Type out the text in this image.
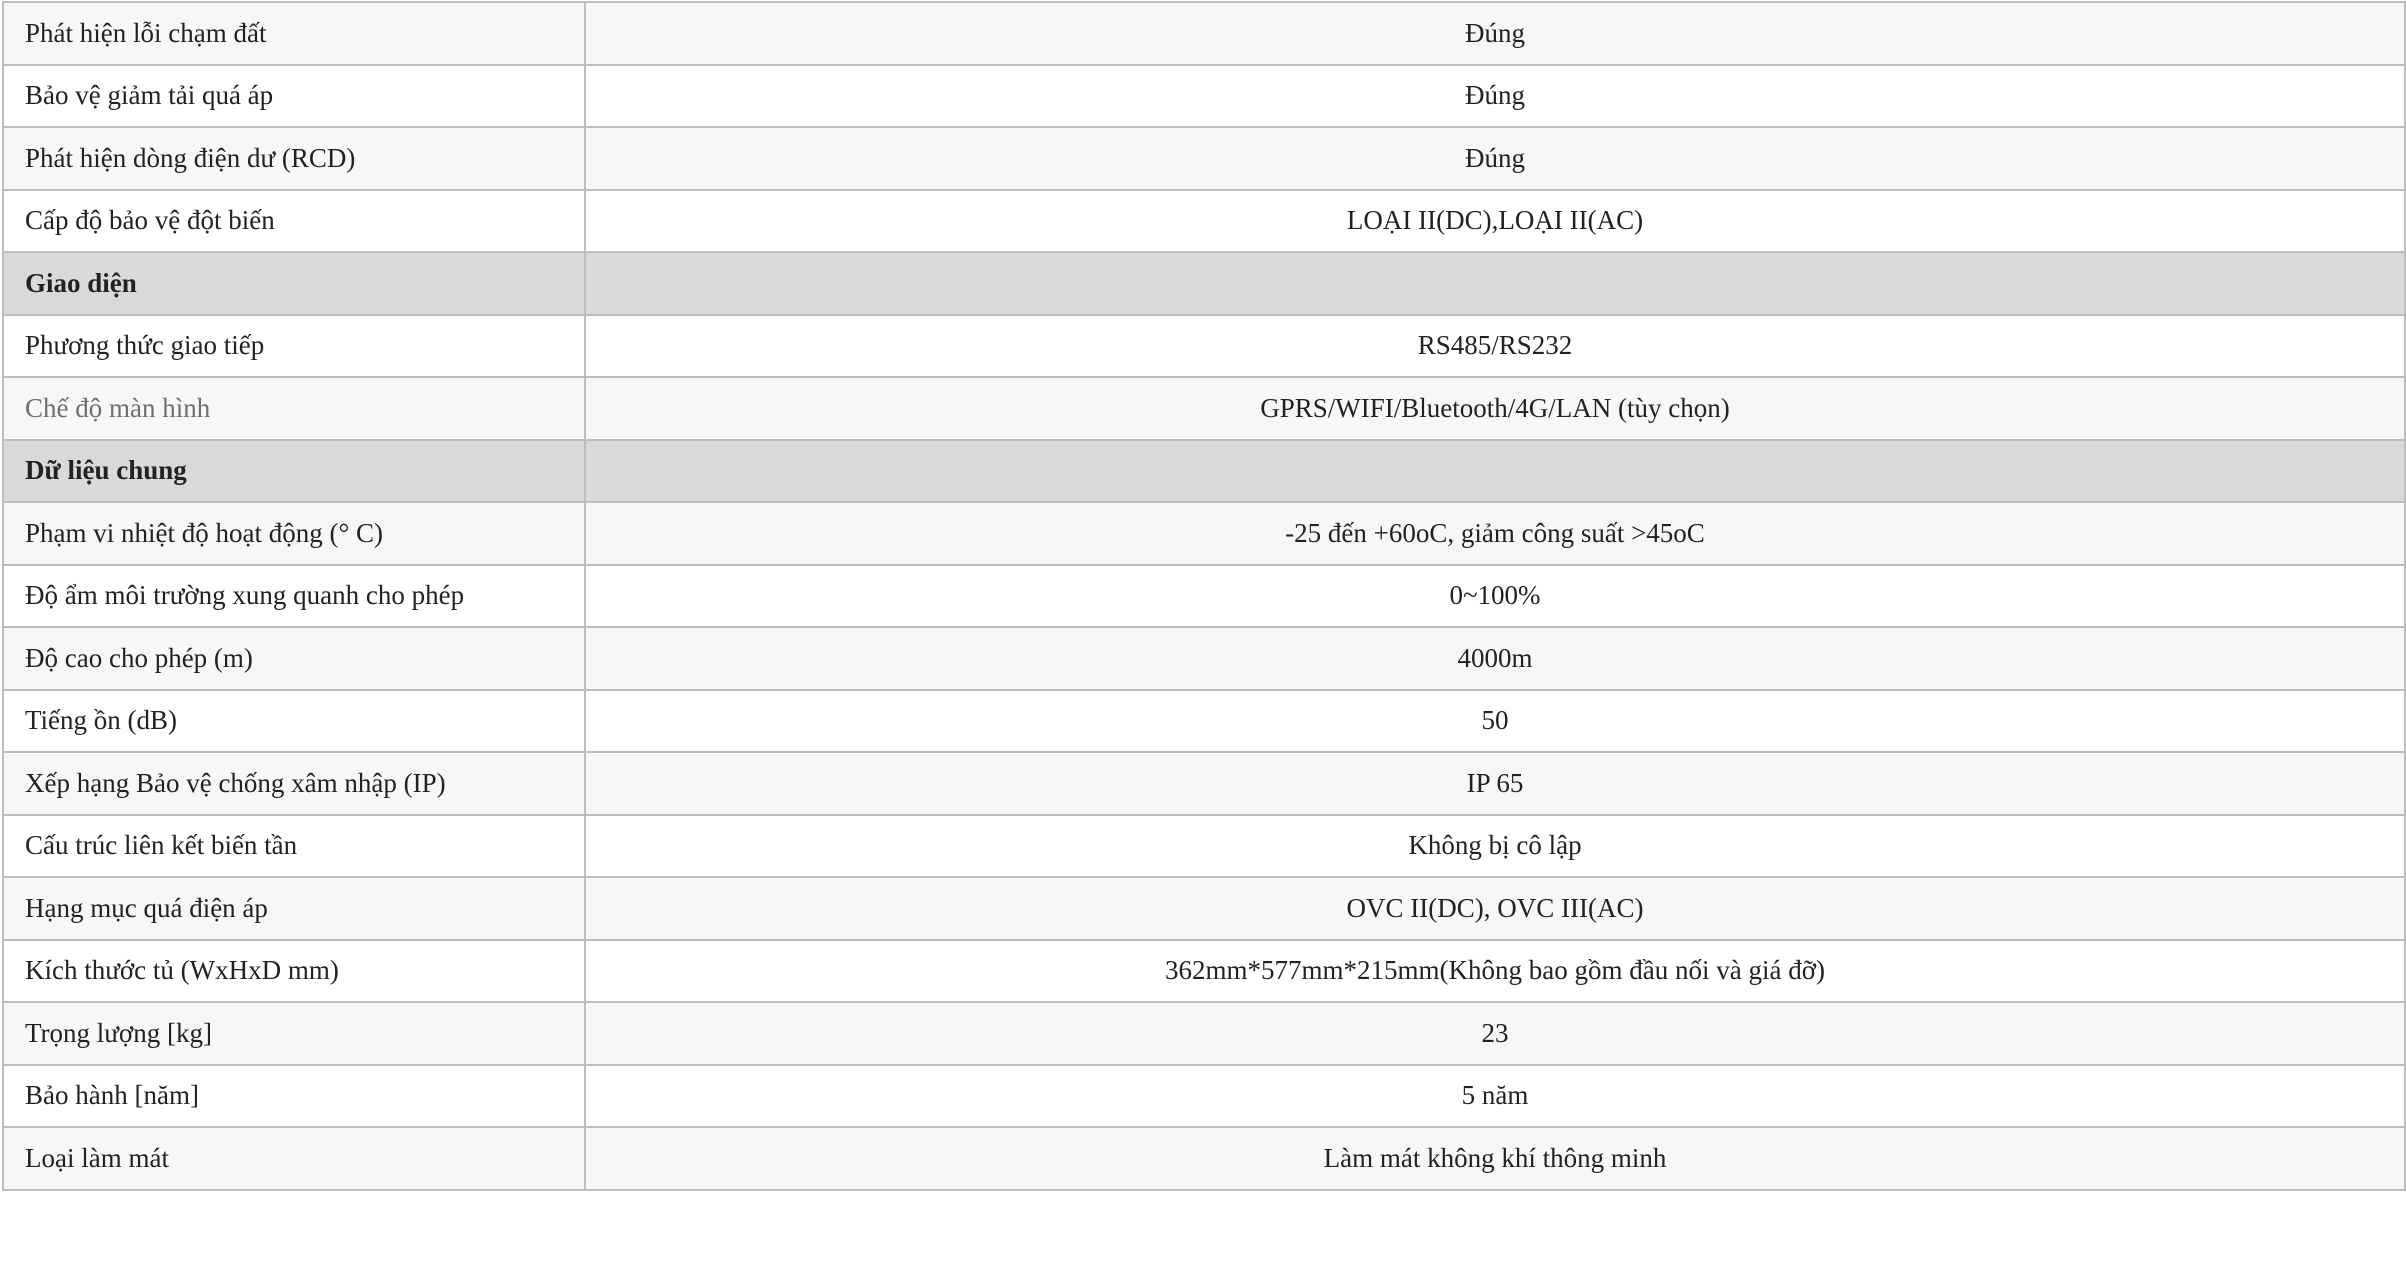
Phát hiện lỗi chạm đất	Đúng
Bảo vệ giảm tải quá áp	Đúng
Phát hiện dòng điện dư (RCD)	Đúng
Cấp độ bảo vệ đột biến	LOẠI II(DC),LOẠI II(AC)
Giao diện	
Phương thức giao tiếp	RS485/RS232
Chế độ màn hình	GPRS/WIFI/Bluetooth/4G/LAN (tùy chọn)
Dữ liệu chung	
Phạm vi nhiệt độ hoạt động (° C)	-25 đến +60oC, giảm công suất >45oC
Độ ẩm môi trường xung quanh cho phép	0~100%
Độ cao cho phép (m)	4000m
Tiếng ồn (dB)	50
Xếp hạng Bảo vệ chống xâm nhập (IP)	IP 65
Cấu trúc liên kết biến tần	Không bị cô lập
Hạng mục quá điện áp	OVC II(DC), OVC III(AC)
Kích thước tủ (WxHxD mm)	362mm*577mm*215mm(Không bao gồm đầu nối và giá đỡ)
Trọng lượng [kg]	23
Bảo hành [năm]	5 năm
Loại làm mát	Làm mát không khí thông minh
